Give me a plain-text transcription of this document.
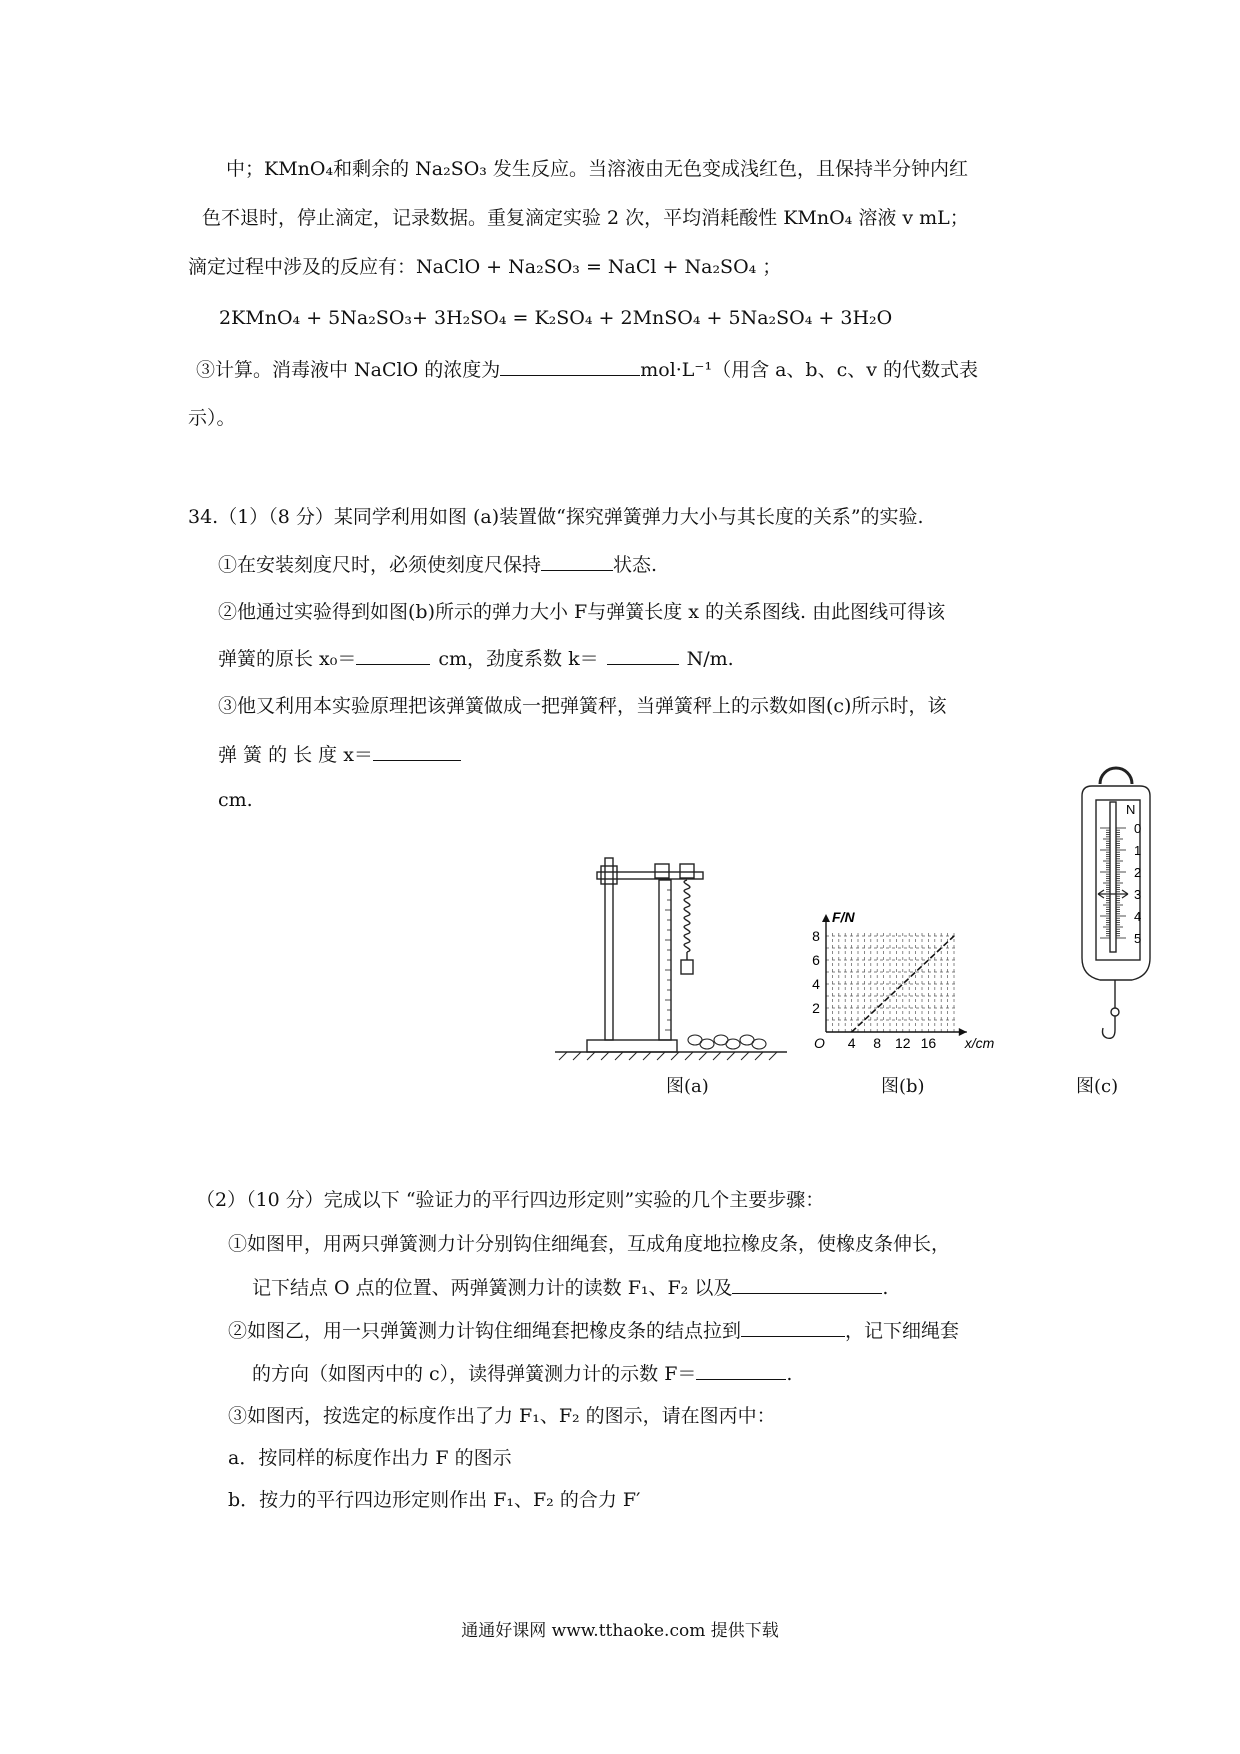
中；KMnO₄和剩余的 Na₂SO₃ 发生反应。当溶液由无色变成浅红色，且保持半分钟内红
色不退时，停止滴定，记录数据。重复滴定实验 2 次，平均消耗酸性 KMnO₄ 溶液 v mL；
滴定过程中涉及的反应有：NaClO + Na₂SO₃ = NaCl + Na₂SO₄ ；
2KMnO₄ + 5Na₂SO₃+ 3H₂SO₄ = K₂SO₄ + 2MnSO₄ + 5Na₂SO₄ + 3H₂O
③计算。消毒液中 NaClO 的浓度为	mol·L⁻¹（用含 a、b、c、v 的代数式表
示）。
34.（1）（8 分）某同学利用如图 (a)装置做“探究弹簧弹力大小与其长度的关系”的实验.
①在安装刻度尺时，必须使刻度尺保持	状态.
②他通过实验得到如图(b)所示的弹力大小 F与弹簧长度 x 的关系图线. 由此图线可得该
弹簧的原长 x₀＝	cm，劲度系数 k＝	N/m.
③他又利用本实验原理把该弹簧做成一把弹簧秤，当弹簧秤上的示数如图(c)所示时，该
弹 簧 的 长 度 x＝
cm.
图(a)
4 8 12 16
2
4
6
8
O	x/cm
F/N
图(b)
0
1
2
3
4
5
N
图(c)
（2）（10 分）完成以下 “验证力的平行四边形定则”实验的几个主要步骤：
①如图甲，用两只弹簧测力计分别钩住细绳套，互成角度地拉橡皮条，使橡皮条伸长，
记下结点 O 点的位置、两弹簧测力计的读数 F₁、F₂ 以及	.
②如图乙，用一只弹簧测力计钩住细绳套把橡皮条的结点拉到	，记下细绳套
的方向（如图丙中的 c），读得弹簧测力计的示数 F＝	.
③如图丙，按选定的标度作出了力 F₁、F₂ 的图示，请在图丙中：
a．按同样的标度作出力 F 的图示
b．按力的平行四边形定则作出 F₁、F₂ 的合力 F′
通通好课网 www.tthaoke.com 提供下载
